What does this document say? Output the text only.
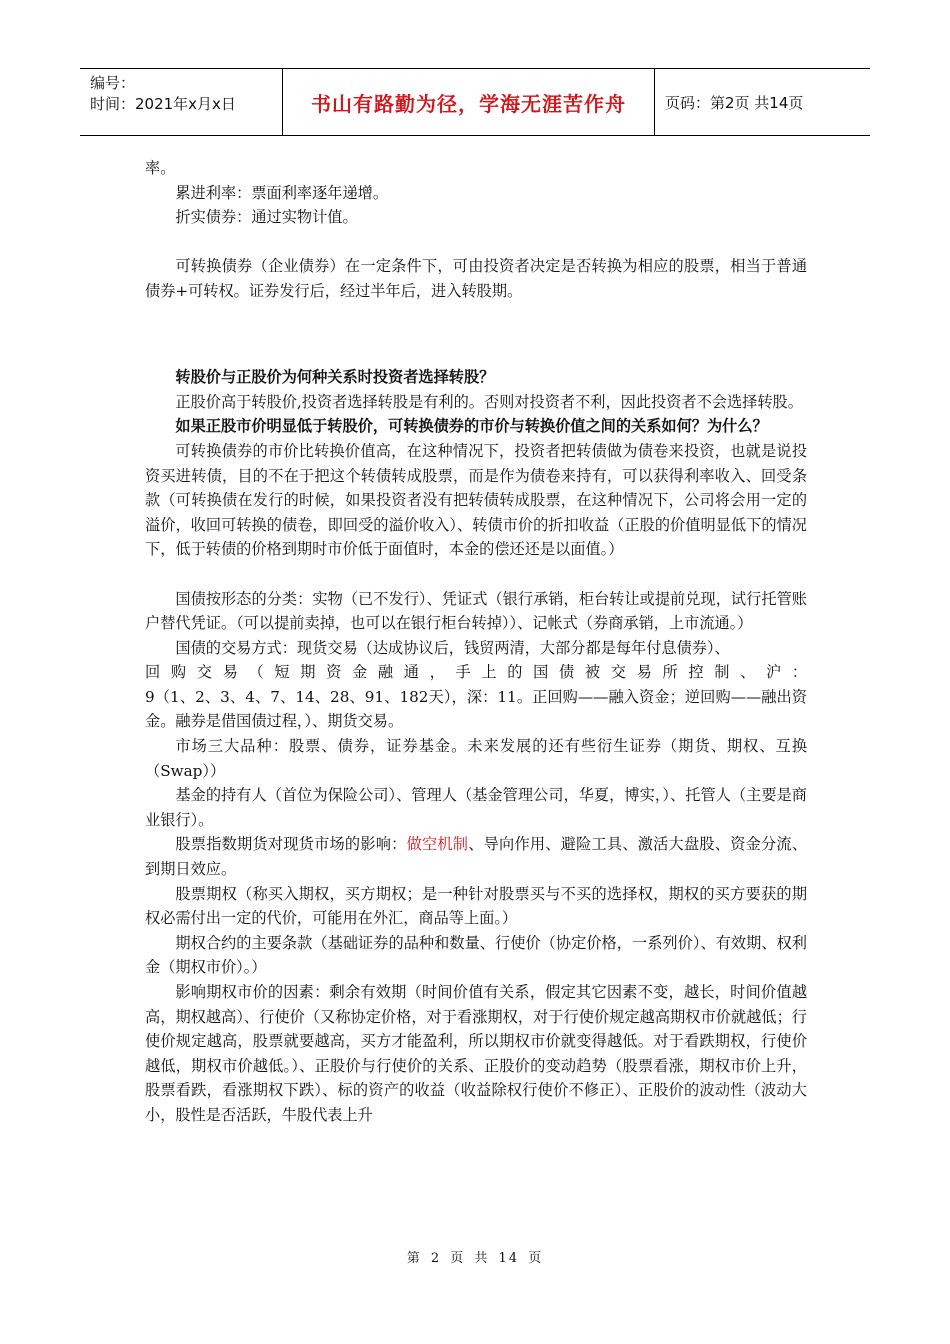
编号：
时间：2021年x月x日	书山有路勤为径，学海无涯苦作舟	页码：第2页 共14页

率。

累进利率：票面利率逐年递增。

折实债券：通过实物计值。

可转换债券（企业债券）在一定条件下，可由投资者决定是否转换为相应的股票，相当于普通债券+可转权。证券发行后，经过半年后，进入转股期。

转股价与正股价为何种关系时投资者选择转股？

正股价高于转股价,投资者选择转股是有利的。否则对投资者不利，因此投资者不会选择转股。

如果正股市价明显低于转股价，可转换债券的市价与转换价值之间的关系如何？为什么？

可转换债券的市价比转换价值高，在这种情况下，投资者把转债做为债卷来投资，也就是说投资买进转债，目的不在于把这个转债转成股票，而是作为债卷来持有，可以获得利率收入、回受条款（可转换债在发行的时候，如果投资者没有把转债转成股票，在这种情况下，公司将会用一定的溢价，收回可转换的债卷，即回受的溢价收入）、转债市价的折扣收益（正股的价值明显低下的情况下，低于转债的价格到期时市价低于面值时，本金的偿还还是以面值。）

国债按形态的分类：实物（已不发行）、凭证式（银行承销，柜台转让或提前兑现，试行托管账户替代凭证。（可以提前卖掉，也可以在银行柜台转掉））、记帐式（券商承销，上市流通。）

国债的交易方式：现货交易（达成协议后，钱贸两清，大部分都是每年付息债券）、

回购交易（短期资金融通，手上的国债被交易所控制、沪：

9（1、2、3、4、7、14、28、91、182天），深：11。正回购——融入资金；逆回购——融出资金。融券是借国债过程，）、期货交易。

市场三大品种：股票、债券，证券基金。未来发展的还有些衍生证券（期货、期权、互换（Swap））

基金的持有人（首位为保险公司）、管理人（基金管理公司，华夏，博实，）、托管人（主要是商业银行）。

股票指数期货对现货市场的影响：做空机制、导向作用、避险工具、激活大盘股、资金分流、到期日效应。

股票期权（称买入期权，买方期权；是一种针对股票买与不买的选择权，期权的买方要获的期权必需付出一定的代价，可能用在外汇，商品等上面。）

期权合约的主要条款（基础证券的品种和数量、行使价（协定价格，一系列价）、有效期、权利金（期权市价）。）

影响期权市价的因素：剩余有效期（时间价值有关系，假定其它因素不变，越长，时间价值越高，期权越高）、行使价（又称协定价格，对于看涨期权，对于行使价规定越高期权市价就越低；行使价规定越高，股票就要越高，买方才能盈利，所以期权市价就变得越低。对于看跌期权，行使价越低，期权市价越低。）、正股价与行使价的关系、正股价的变动趋势（股票看涨，期权市价上升，股票看跌，看涨期权下跌）、标的资产的收益（收益除权行使价不修正）、正股价的波动性（波动大小，股性是否活跃，牛股代表上升

第 2 页 共 14 页
